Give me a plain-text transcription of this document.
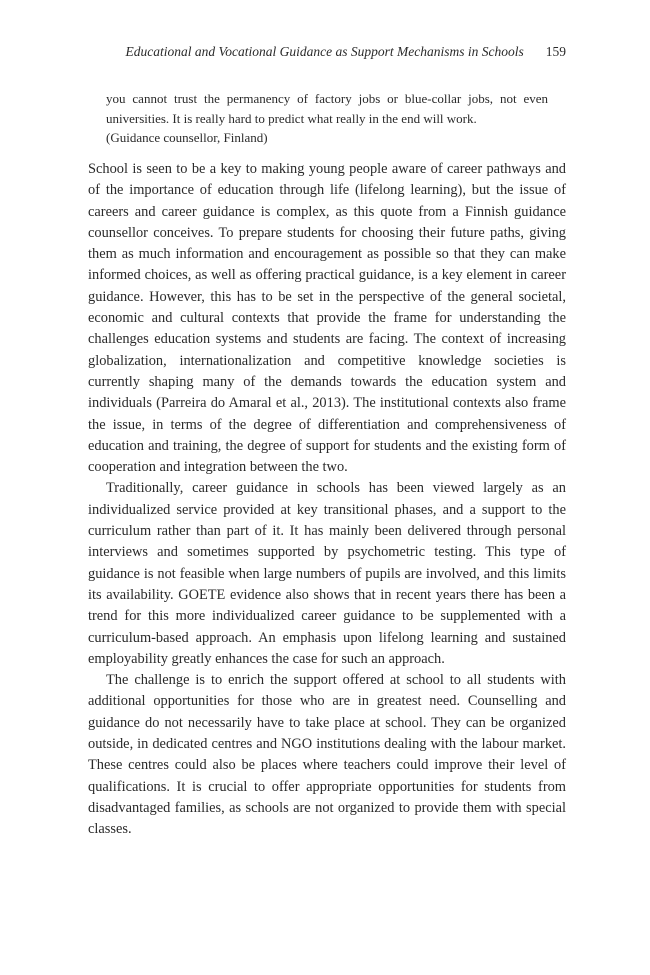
Educational and Vocational Guidance as Support Mechanisms in Schools 159

you cannot trust the permanency of factory jobs or blue-collar jobs, not even universities. It is really hard to predict what really in the end will work.

(Guidance counsellor, Finland)

School is seen to be a key to making young people aware of career pathways and of the importance of education through life (lifelong learning), but the issue of careers and career guidance is complex, as this quote from a Finnish guidance counsellor conceives. To prepare students for choosing their future paths, giving them as much information and encouragement as possible so that they can make informed choices, as well as offering practical guidance, is a key element in career guidance. However, this has to be set in the perspective of the general societal, economic and cultural contexts that provide the frame for understanding the challenges education systems and students are facing. The context of increasing globalization, internationalization and competitive knowledge societies is currently shaping many of the demands towards the education system and individuals (Parreira do Amaral et al., 2013). The institutional contexts also frame the issue, in terms of the degree of differentiation and comprehensiveness of education and training, the degree of support for students and the existing form of cooperation and integration between the two.

Traditionally, career guidance in schools has been viewed largely as an individualized service provided at key transitional phases, and a support to the curriculum rather than part of it. It has mainly been delivered through personal interviews and sometimes supported by psychometric testing. This type of guidance is not feasible when large numbers of pupils are involved, and this limits its availability. GOETE evidence also shows that in recent years there has been a trend for this more individualized career guidance to be supplemented with a curriculum-based approach. An emphasis upon lifelong learning and sustained employability greatly enhances the case for such an approach.

The challenge is to enrich the support offered at school to all students with additional opportunities for those who are in greatest need. Counselling and guidance do not necessarily have to take place at school. They can be organized outside, in dedicated centres and NGO institutions dealing with the labour market. These centres could also be places where teachers could improve their level of qualifications. It is crucial to offer appropriate opportunities for students from disadvantaged families, as schools are not organized to provide them with special classes.
